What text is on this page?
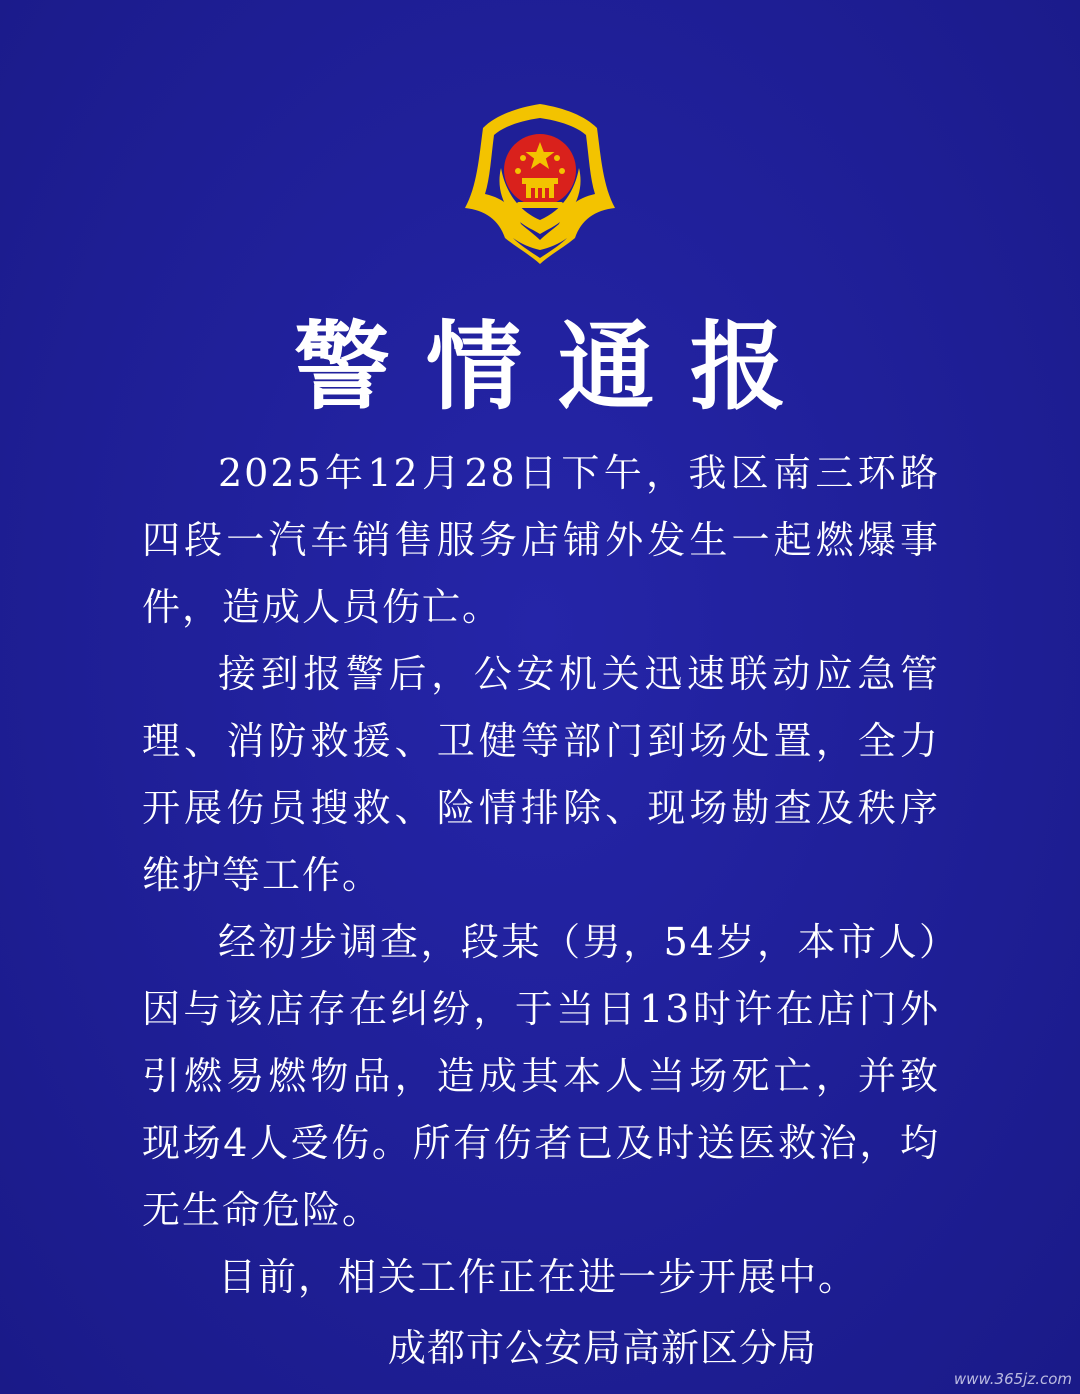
警情通报

2025年12月28日下午，我区南三环路四段一汽车销售服务店铺外发生一起燃爆事件，造成人员伤亡。

接到报警后，公安机关迅速联动应急管理、消防救援、卫健等部门到场处置，全力开展伤员搜救、险情排除、现场勘查及秩序维护等工作。

经初步调查，段某（男，54岁，本市人）因与该店存在纠纷，于当日13时许在店门外引燃易燃物品，造成其本人当场死亡，并致现场4人受伤。所有伤者已及时送医救治，均无生命危险。

目前，相关工作正在进一步开展中。

成都市公安局高新区分局
www.365jz.com
